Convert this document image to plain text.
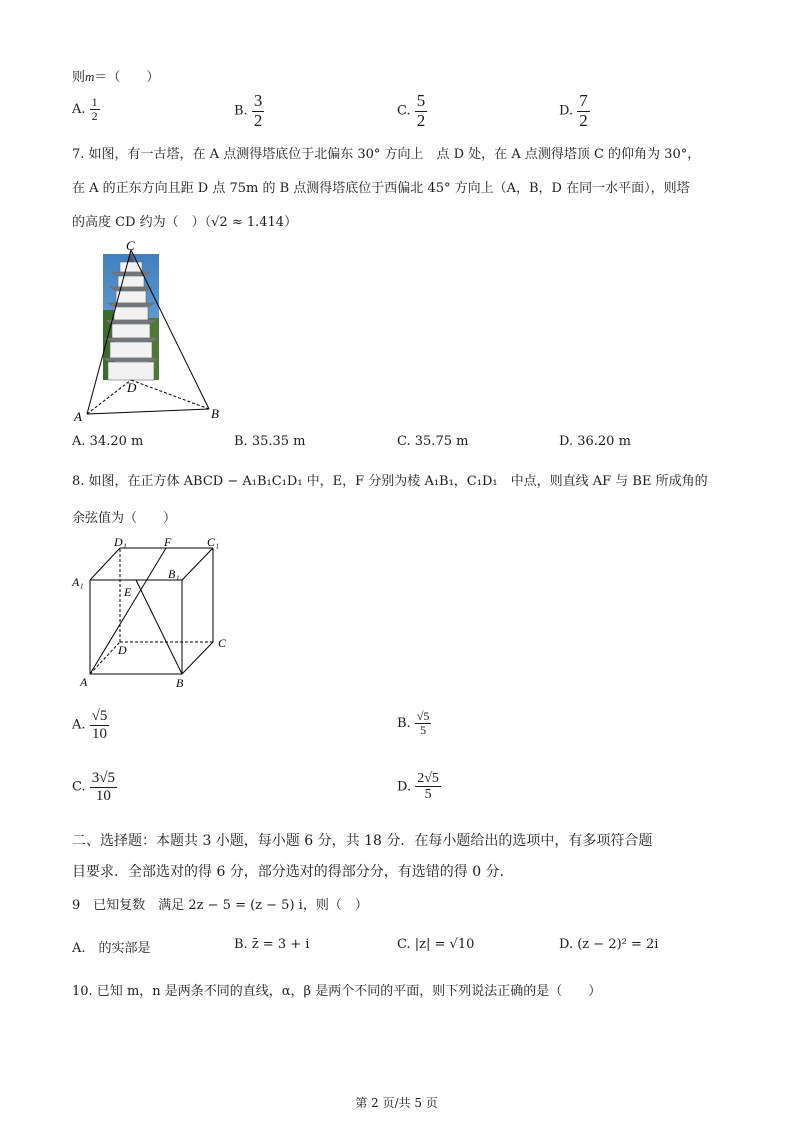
则m＝（　　）
A. $\frac{1}{2}$	B. $\frac{3}{2}$	C. $\frac{5}{2}$	D. $\frac{7}{2}$
7. 如图，有一古塔，在 A 点测得塔底位于北偏东 30° 方向上　点 D 处，在 A 点测得塔顶 C 的仰角为 30°，
在 A 的正东方向且距 D 点 75m 的 B 点测得塔底位于西偏北 45° 方向上（A，B，D 在同一水平面），则塔
的高度 CD 约为（　）（√2 ≈ 1.414）
C
D
A	B
A. 34.20 m	B. 35.35 m	C. 35.75 m	D. 36.20 m
8. 如图，在正方体 ABCD − A₁B₁C₁D₁ 中，E，F 分别为棱 A₁B₁，C₁D₁　中点，则直线 AF 与 BE 所成角的
余弦值为（　　）
D₁	F	C₁
A₁
B₁
E
D	C
A	B
A. $\frac{√5}{10}$	B. $\frac{√5}{5}$
C. $\frac{3√5}{10}$	D. $\frac{2√5}{5}$
二、选择题：本题共 3 小题，每小题 6 分，共 18 分．在每小题给出的选项中，有多项符合题
目要求．全部选对的得 6 分，部分选对的得部分分，有选错的得 0 分．
9　已知复数　满足 2z − 5 = (z − 5) i，则（　）
A.　的实部是	B. z̄ = 3 + i	C. |z| = √10	D. (z − 2)² = 2i
10. 已知 m，n 是两条不同的直线，α，β 是两个不同的平面，则下列说法正确的是（　　）
第 2 页/共 5 页
